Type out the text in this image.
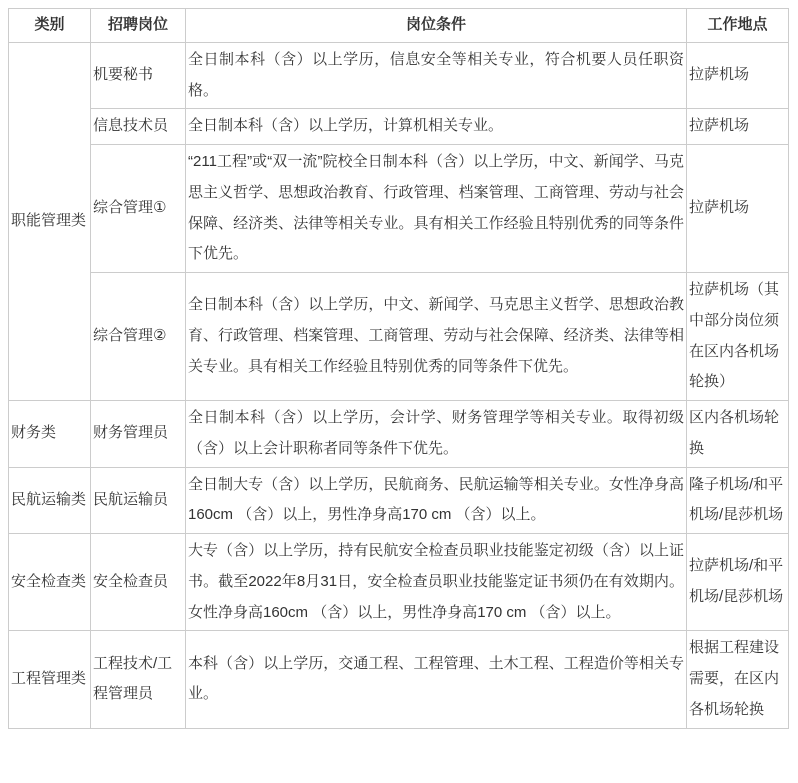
类别	招聘岗位	岗位条件	工作地点
职能管理类	机要秘书	全日制本科（含）以上学历，信息安全等相关专业，符合机要人员任职资格。	拉萨机场
	信息技术员	全日制本科（含）以上学历，计算机相关专业。	拉萨机场
	综合管理①	“211工程”或“双一流”院校全日制本科（含）以上学历，中文、新闻学、马克思主义哲学、思想政治教育、行政管理、档案管理、工商管理、劳动与社会保障、经济类、法律等相关专业。具有相关工作经验且特别优秀的同等条件下优先。	拉萨机场
	综合管理②	全日制本科（含）以上学历，中文、新闻学、马克思主义哲学、思想政治教育、行政管理、档案管理、工商管理、劳动与社会保障、经济类、法律等相关专业。具有相关工作经验且特别优秀的同等条件下优先。	拉萨机场（其中部分岗位须在区内各机场轮换）
财务类	财务管理员	全日制本科（含）以上学历，会计学、财务管理学等相关专业。取得初级（含）以上会计职称者同等条件下优先。	区内各机场轮换
民航运输类	民航运输员	全日制大专（含）以上学历，民航商务、民航运输等相关专业。女性净身高160cm （含）以上，男性净身高170 cm （含）以上。	隆子机场/和平机场/昆莎机场
安全检查类	安全检查员	大专（含）以上学历，持有民航安全检查员职业技能鉴定初级（含）以上证书。截至2022年8月31日，安全检查员职业技能鉴定证书须仍在有效期内。 女性净身高160cm （含）以上，男性净身高170 cm （含）以上。	拉萨机场/和平机场/昆莎机场
工程管理类	工程技术/工程管理员	本科（含）以上学历，交通工程、工程管理、土木工程、工程造价等相关专业。	根据工程建设需要，在区内各机场轮换
